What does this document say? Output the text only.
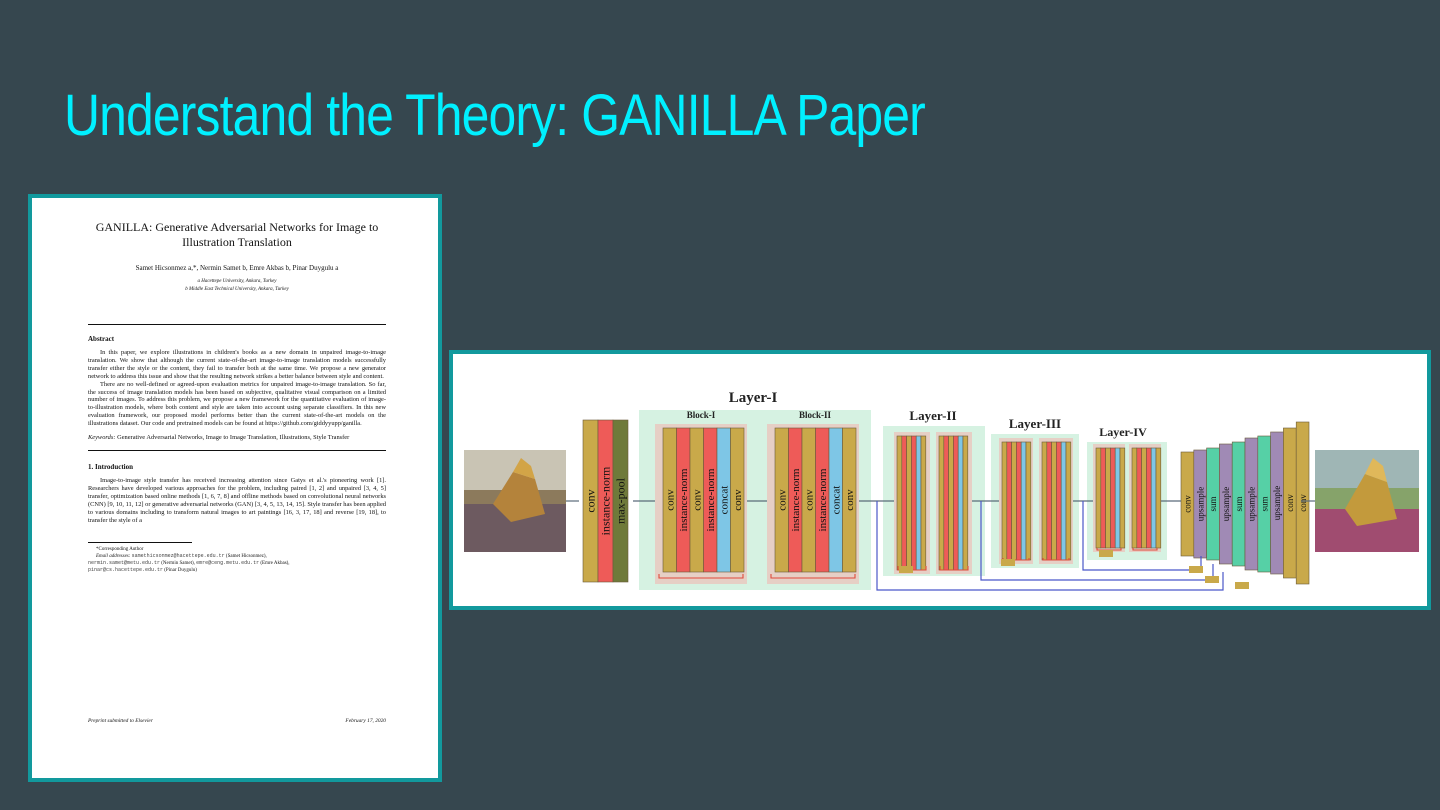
Understand the Theory: GANILLA Paper
GANILLA: Generative Adversarial Networks for Image to
Illustration Translation
Samet Hicsonmez a,*, Nermin Samet b, Emre Akbas b, Pinar Duygulu a
a Hacettepe University, Ankara, Turkey
b Middle East Technical University, Ankara, Turkey
Abstract
In this paper, we explore illustrations in children's books as a new domain in unpaired image-to-image translation. We show that although the current state-of-the-art image-to-image translation models successfully transfer either the style or the content, they fail to transfer both at the same time. We propose a new generator network to address this issue and show that the resulting network strikes a better balance between style and content.
There are no well-defined or agreed-upon evaluation metrics for unpaired image-to-image translation. So far, the success of image translation models has been based on subjective, qualitative visual comparison on a limited number of images. To address this problem, we propose a new framework for the quantitative evaluation of image-to-illustration models, where both content and style are taken into account using separate classifiers. In this new evaluation framework, our proposed model performs better than the current state-of-the-art models on the illustrations dataset. Our code and pretrained models can be found at https://github.com/giddyyupp/ganilla.
Keywords: Generative Adversarial Networks, Image to Image Translation, Illustrations, Style Transfer
1. Introduction
Image-to-image style transfer has received increasing attention since Gatys et al.'s pioneering work [1]. Researchers have developed various approaches for the problem, including paired [1, 2] and unpaired [3, 4, 5] transfer, optimization based online methods [1, 6, 7, 8] and offline methods based on convolutional neural networks (CNN) [9, 10, 11, 12] or generative adversarial networks (GAN) [3, 4, 5, 13, 14, 15]. Style transfer has been applied to various domains including to transform natural images to art paintings [16, 3, 17, 18] and reverse [19, 18], to transfer the style of a
*Corresponding Author
Email addresses: samethicsonmez@hacettepe.edu.tr (Samet Hicsonmez),
nermin.samet@metu.edu.tr (Nermin Samet), emre@ceng.metu.edu.tr (Emre Akbas),
pinar@cs.hacettepe.edu.tr (Pinar Duygulu)
Preprint submitted to Elsevier	February 17, 2020
Layer-I
Block-I	Block-II	Layer-II
Layer-III
Layer-IV
conv instance-norm max-pool	conv instance-norm conv instance-norm concat conv	conv instance-norm conv instance-norm concat conv	conv upsample sum upsample sum upsample sum upsample conv conv
